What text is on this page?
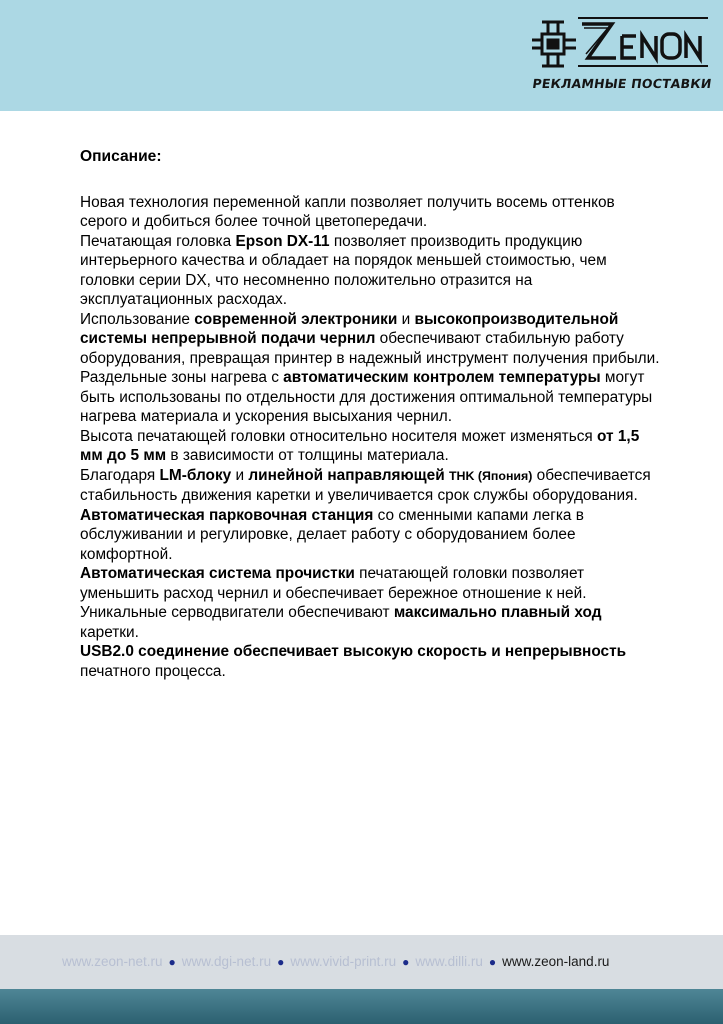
РЕКЛАМНЫЕ ПОСТАВКИ

Описание:

Новая технология переменной капли позволяет получить восемь оттенков серого и добиться более точной цветопередачи.

Печатающая головка Epson DX-11 позволяет производить продукцию интерьерного качества и обладает на порядок меньшей стоимостью, чем головки серии DX, что несомненно положительно отразится на эксплуатационных расходах.

Использование современной электроники и высокопроизводительной системы непрерывной подачи чернил обеспечивают стабильную работу оборудования, превращая принтер в надежный инструмент получения прибыли.

Раздельные зоны нагрева с автоматическим контролем температуры могут быть использованы по отдельности для достижения оптимальной температуры нагрева материала и ускорения высыхания чернил.

Высота печатающей головки относительно носителя может изменяться от 1,5 мм до 5 мм в зависимости от толщины материала.

Благодаря LM-блоку и линейной направляющей THK (Япония) обеспечивается стабильность движения каретки и увеличивается срок службы оборудования.

Автоматическая парковочная станция со сменными капами легка в обслуживании и регулировке, делает работу с оборудованием более комфортной.

Автоматическая система прочистки печатающей головки позволяет уменьшить расход чернил и обеспечивает бережное отношение к ней.

Уникальные серводвигатели обеспечивают максимально плавный ход каретки.

USB2.0 соединение обеспечивает высокую скорость и непрерывность печатного процесса.

www.zeon-net.ru ● www.dgi-net.ru ● www.vivid-print.ru ● www.dilli.ru ● www.zeon-land.ru
